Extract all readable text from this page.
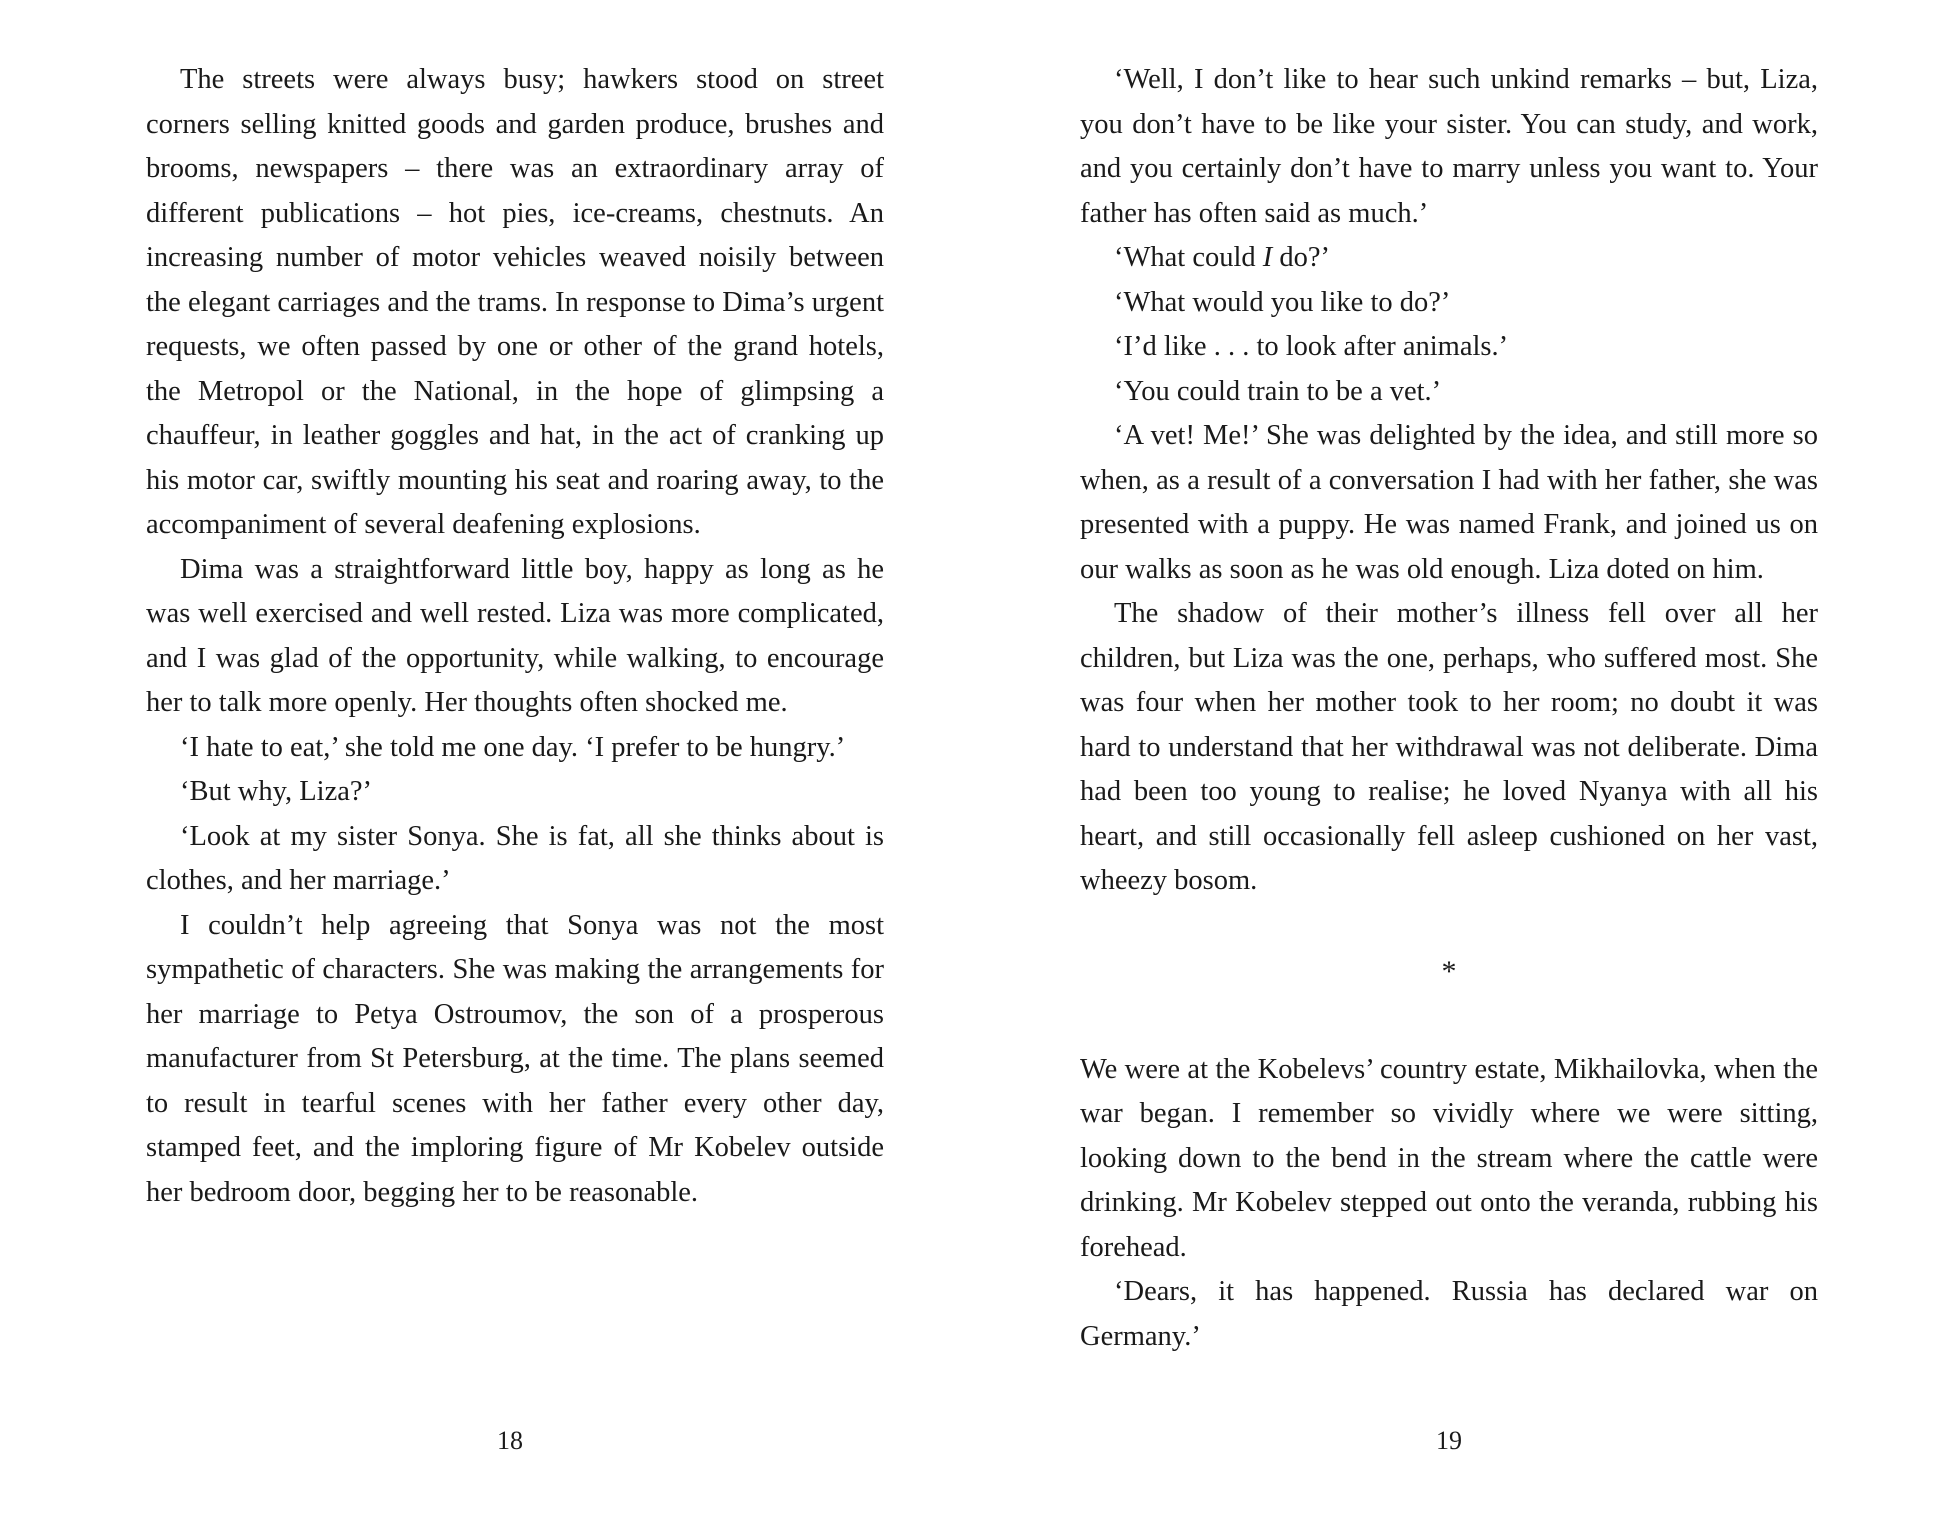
The streets were always busy; hawkers stood on street corners selling knitted goods and garden produce, brushes and brooms, newspapers – there was an extraordinary array of different publications – hot pies, ice-creams, chestnuts. An increasing number of motor vehicles weaved noisily between the elegant carriages and the trams. In response to Dima’s urgent requests, we often passed by one or other of the grand hotels, the Metropol or the National, in the hope of glimpsing a chauffeur, in leather goggles and hat, in the act of cranking up his motor car, swiftly mounting his seat and roaring away, to the accompaniment of several deafening explosions.

Dima was a straightforward little boy, happy as long as he was well exercised and well rested. Liza was more complicated, and I was glad of the opportunity, while walking, to encourage her to talk more openly. Her thoughts often shocked me.

‘I hate to eat,’ she told me one day. ‘I prefer to be hungry.’

‘But why, Liza?’

‘Look at my sister Sonya. She is fat, all she thinks about is clothes, and her marriage.’

I couldn’t help agreeing that Sonya was not the most sympathetic of characters. She was making the arrangements for her marriage to Petya Ostroumov, the son of a prosperous manufacturer from St Petersburg, at the time. The plans seemed to result in tearful scenes with her father every other day, stamped feet, and the imploring figure of Mr Kobelev outside her bedroom door, begging her to be reasonable.

18

‘Well, I don’t like to hear such unkind remarks – but, Liza, you don’t have to be like your sister. You can study, and work, and you certainly don’t have to marry unless you want to. Your father has often said as much.’

‘What could I do?’

‘What would you like to do?’

‘I’d like . . . to look after animals.’

‘You could train to be a vet.’

‘A vet! Me!’ She was delighted by the idea, and still more so when, as a result of a conversation I had with her father, she was presented with a puppy. He was named Frank, and joined us on our walks as soon as he was old enough. Liza doted on him.

The shadow of their mother’s illness fell over all her children, but Liza was the one, perhaps, who suffered most. She was four when her mother took to her room; no doubt it was hard to understand that her withdrawal was not deliberate. Dima had been too young to realise; he loved Nyanya with all his heart, and still occasionally fell asleep cushioned on her vast, wheezy bosom.

*

We were at the Kobelevs’ country estate, Mikhailovka, when the war began. I remember so vividly where we were sitting, looking down to the bend in the stream where the cattle were drinking. Mr Kobelev stepped out onto the veranda, rubbing his forehead.

‘Dears, it has happened. Russia has declared war on Germany.’

19
